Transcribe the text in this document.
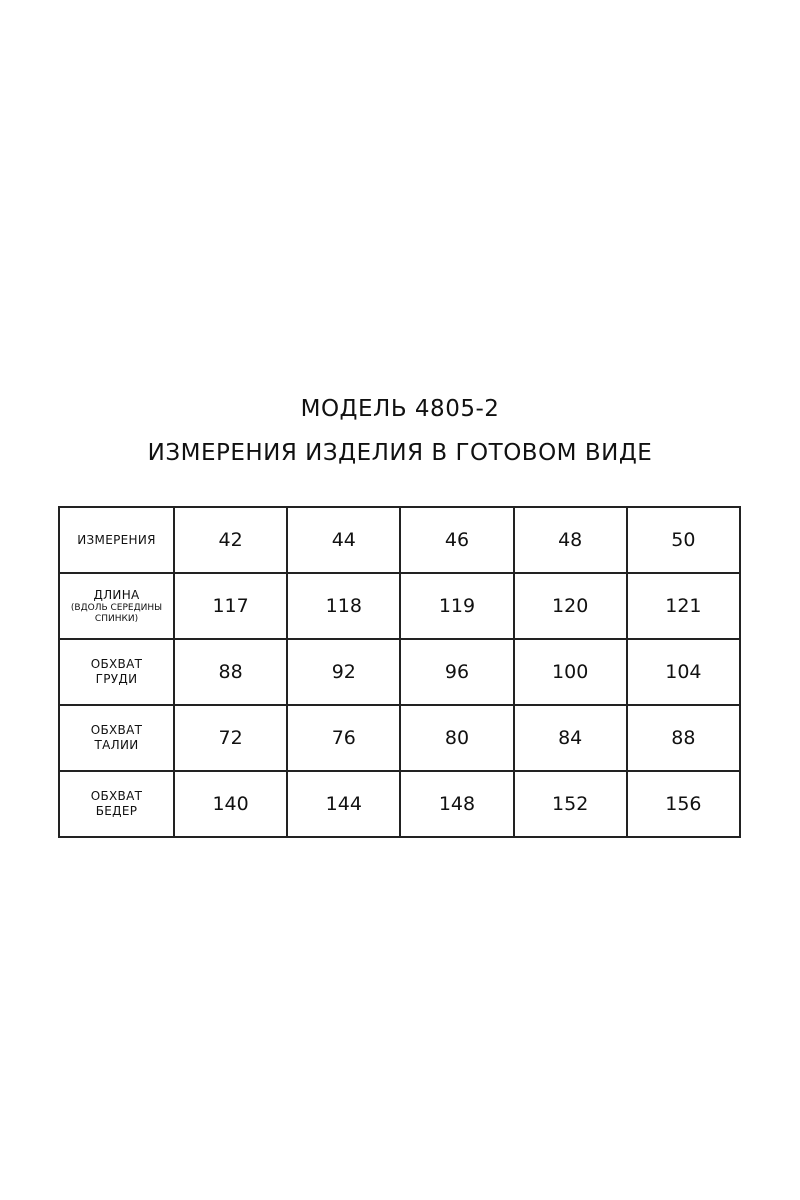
МОДЕЛЬ 4805-2
ИЗМЕРЕНИЯ ИЗДЕЛИЯ В ГОТОВОМ ВИДЕ
ИЗМЕРЕНИЯ	42	44	46	48	50

ДЛИНА
(ВДОЛЬ СЕРЕДИНЫ СПИНКИ)	117	118	119	120	121

ОБХВАТ
ГРУДИ	88	92	96	100	104

ОБХВАТ
ТАЛИИ	72	76	80	84	88

ОБХВАТ
БЕДЕР	140	144	148	152	156
